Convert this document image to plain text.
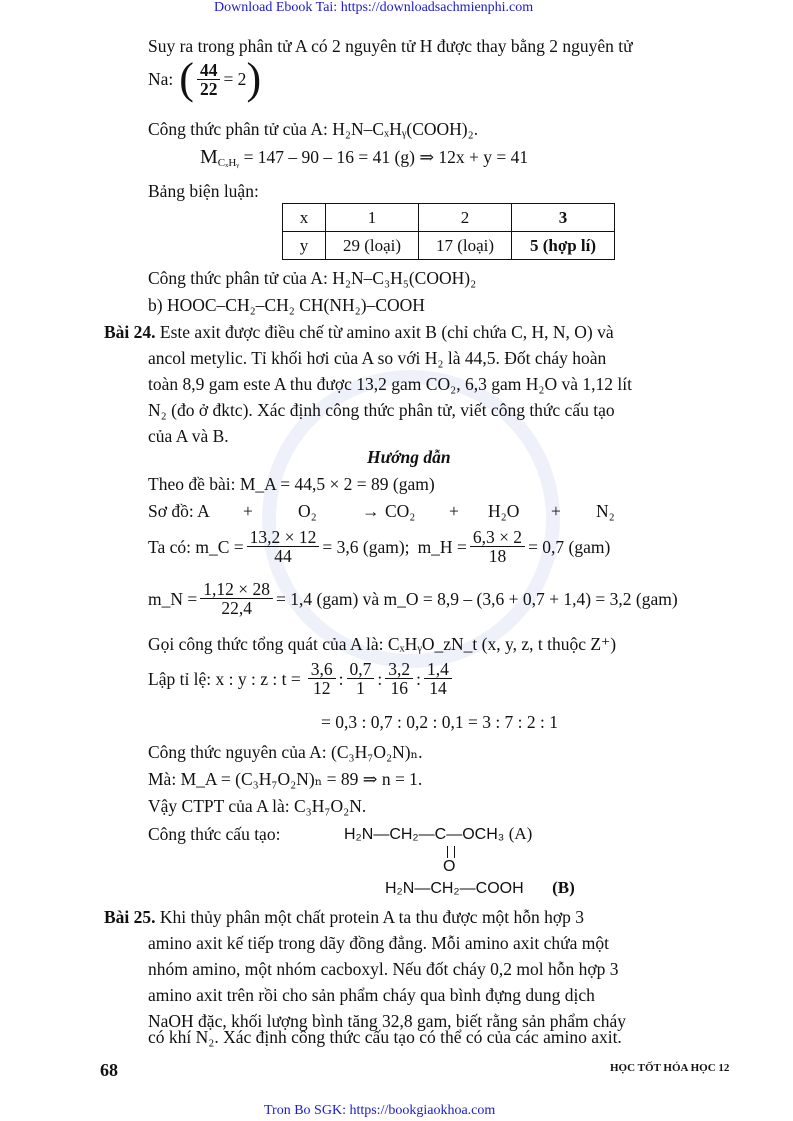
Download Ebook Tai: https://downloadsachmienphi.com
Suy ra trong phân tử A có 2 nguyên tử H được thay bằng 2 nguyên tử
Na: ( $\frac{44}{22} = 2$ )
Công thức phân tử của A: H₂N–CₓHᵧ(COOH)₂.
$M_{C_xHᵧ} = 147 - 90 - 16 = 41$ (g) ⇒ 12x + y = 41
Bảng biện luận:
x	1	2	3
y	29 (loại)	17 (loại)	5 (hợp lí)
Công thức phân tử của A: H₂N–C₃H₅(COOH)₂
b) HOOC–CH₂–CH₂ CH(NH₂)–COOH
Bài 24. Este axit được điều chế từ amino axit B (chỉ chứa C, H, N, O) và
ancol metylic. Tỉ khối hơi của A so với H₂ là 44,5. Đốt cháy hoàn
toàn 8,9 gam este A thu được 13,2 gam CO₂, 6,3 gam H₂O và 1,12 lít
N₂ (đo ở đktc). Xác định công thức phân tử, viết công thức cấu tạo
của A và B.
Hướng dẫn
Theo đề bài: M_A = 44,5 × 2 = 89 (gam)
Sơ đồ: A +	O₂	→ CO₂ + H₂O + N₂
Ta có: m_C = $\frac{13,2 \times 12}{44} = 3,6$ (gam); m_H = $\frac{6,3 \times 2}{18} = 0,7$ (gam)
m_N = $\frac{1,12 \times 28}{22,4} = 1,4$ (gam) và m_O = 8,9 – (3,6 + 0,7 + 1,4) = 3,2 (gam)
Gọi công thức tổng quát của A là: CₓHᵧO_zN_t (x, y, z, t thuộc Z⁺)
Lập tỉ lệ: x : y : z : $t = \frac{3,6}{12}$ : $\frac{0,7}{1}$ : $\frac{3,2}{16}$ : $\frac{1,4}{14}$
= 0,3 : 0,7 : 0,2 : 0,1 = 3 : 7 : 2 : 1
Công thức nguyên của A: (C₃H₇O₂N)ₙ.
Mà: M_A = (C₃H₇O₂N)ₙ = 89 ⇒ n = 1.
Vậy CTPT của A là: C₃H₇O₂N.
Công thức cấu tạo:	H₂N—CH₂—C—OCH₃ (A)
O
H₂N—CH₂—COOH (B)
Bài 25. Khi thủy phân một chất protein A ta thu được một hỗn hợp 3
amino axit kế tiếp trong dãy đồng đẳng. Mỗi amino axit chứa một
nhóm amino, một nhóm cacboxyl. Nếu đốt cháy 0,2 mol hỗn hợp 3
amino axit trên rồi cho sản phẩm cháy qua bình đựng dung dịch
NaOH đặc, khối lượng bình tăng 32,8 gam, biết rằng sản phẩm cháy
có khí N₂. Xác định công thức cấu tạo có thể có của các amino axit.
68	HỌC TỐT HÓA HỌC 12
Tron Bo SGK: https://bookgiaokhoa.com
